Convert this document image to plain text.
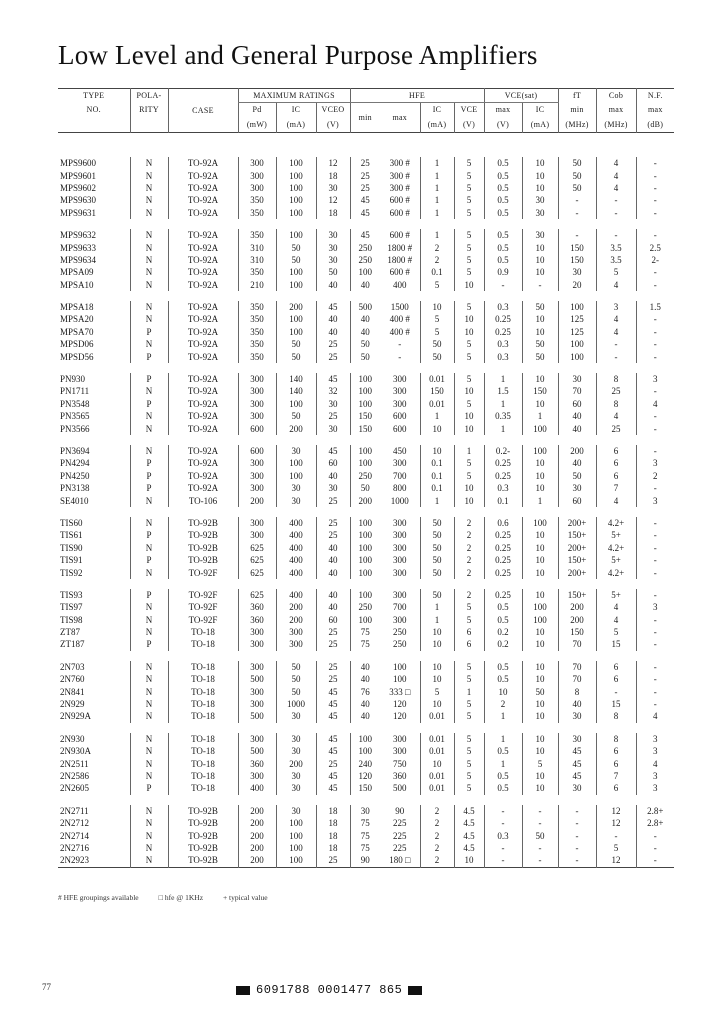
Low Level and General Purpose Amplifiers
TYPE	POLA-	CASE	MAXIMUM RATINGS			HFE				VCE(sat)		fT	Cob	N.F.
NO.	RITY		Pd	IC	VCEO	min	max	IC	VCE	max	IC	min	max	max
			(mW)	(mA)	(V)			(mA)	(V)	(V)	(mA)	(MHz)	(MHz)	(dB)

MPS9600	N	TO-92A	300	100	12	25	300 #	1	5	0.5	10	50	4	-
MPS9601	N	TO-92A	300	100	18	25	300 #	1	5	0.5	10	50	4	-
MPS9602	N	TO-92A	300	100	30	25	300 #	1	5	0.5	10	50	4	-
MPS9630	N	TO-92A	350	100	12	45	600 #	1	5	0.5	30	-	-	-
MPS9631	N	TO-92A	350	100	18	45	600 #	1	5	0.5	30	-	-	-

MPS9632	N	TO-92A	350	100	30	45	600 #	1	5	0.5	30	-	-	-
MPS9633	N	TO-92A	310	50	30	250	1800 #	2	5	0.5	10	150	3.5	2.5
MPS9634	N	TO-92A	310	50	30	250	1800 #	2	5	0.5	10	150	3.5	2-
MPSA09	N	TO-92A	350	100	50	100	600 #	0.1	5	0.9	10	30	5	-
MPSA10	N	TO-92A	210	100	40	40	400	5	10	-	-	20	4	-

MPSA18	N	TO-92A	350	200	45	500	1500	10	5	0.3	50	100	3	1.5
MPSA20	N	TO-92A	350	100	40	40	400 #	5	10	0.25	10	125	4	-
MPSA70	P	TO-92A	350	100	40	40	400 #	5	10	0.25	10	125	4	-
MPSD06	N	TO-92A	350	50	25	50	-	50	5	0.3	50	100	-	-
MPSD56	P	TO-92A	350	50	25	50	-	50	5	0.3	50	100	-	-

PN930	P	TO-92A	300	140	45	100	300	0.01	5	1	10	30	8	3
PN1711	N	TO-92A	300	140	32	100	300	150	10	1.5	150	70	25	-
PN3548	P	TO-92A	300	100	30	100	300	0.01	5	1	10	60	8	4
PN3565	N	TO-92A	300	50	25	150	600	1	10	0.35	1	40	4	-
PN3566	N	TO-92A	600	200	30	150	600	10	10	1	100	40	25	-

PN3694	N	TO-92A	600	30	45	100	450	10	1	0.2-	100	200	6	-
PN4294	P	TO-92A	300	100	60	100	300	0.1	5	0.25	10	40	6	3
PN4250	P	TO-92A	300	100	40	250	700	0.1	5	0.25	10	50	6	2
PN3138	P	TO-92A	300	30	30	50	800	0.1	10	0.3	10	30	7	-
SE4010	N	TO-106	200	30	25	200	1000	1	10	0.1	1	60	4	3

TIS60	N	TO-92B	300	400	25	100	300	50	2	0.6	100	200+	4.2+	-
TIS61	P	TO-92B	300	400	25	100	300	50	2	0.25	10	150+	5+	-
TIS90	N	TO-92B	625	400	40	100	300	50	2	0.25	10	200+	4.2+	-
TIS91	P	TO-92B	625	400	40	100	300	50	2	0.25	10	150+	5+	-
TIS92	N	TO-92F	625	400	40	100	300	50	2	0.25	10	200+	4.2+	-

TIS93	P	TO-92F	625	400	40	100	300	50	2	0.25	10	150+	5+	-
TIS97	N	TO-92F	360	200	40	250	700	1	5	0.5	100	200	4	3
TIS98	N	TO-92F	360	200	60	100	300	1	5	0.5	100	200	4	-
ZT87	N	TO-18	300	300	25	75	250	10	6	0.2	10	150	5	-
ZT187	P	TO-18	300	300	25	75	250	10	6	0.2	10	70	15	-

2N703	N	TO-18	300	50	25	40	100	10	5	0.5	10	70	6	-
2N760	N	TO-18	500	50	25	40	100	10	5	0.5	10	70	6	-
2N841	N	TO-18	300	50	45	76	333 □	5	1	10	50	8	-	-
2N929	N	TO-18	300	1000	45	40	120	10	5	2	10	40	15	-
2N929A	N	TO-18	500	30	45	40	120	0.01	5	1	10	30	8	4

2N930	N	TO-18	300	30	45	100	300	0.01	5	1	10	30	8	3
2N930A	N	TO-18	500	30	45	100	300	0.01	5	0.5	10	45	6	3
2N2511	N	TO-18	360	200	25	240	750	10	5	1	5	45	6	4
2N2586	N	TO-18	300	30	45	120	360	0.01	5	0.5	10	45	7	3
2N2605	P	TO-18	400	30	45	150	500	0.01	5	0.5	10	30	6	3

2N2711	N	TO-92B	200	30	18	30	90	2	4.5	-	-	-	12	2.8+
2N2712	N	TO-92B	200	100	18	75	225	2	4.5	-	-	-	12	2.8+
2N2714	N	TO-92B	200	100	18	75	225	2	4.5	0.3	50	-	-	-
2N2716	N	TO-92B	200	100	18	75	225	2	4.5	-	-	-	5	-
2N2923	N	TO-92B	200	100	25	90	180 □	2	10	-	-	-	12	-
# HFE groupings available	□ hfe @ 1KHz	+ typical value
77	6091788 0001477 865
